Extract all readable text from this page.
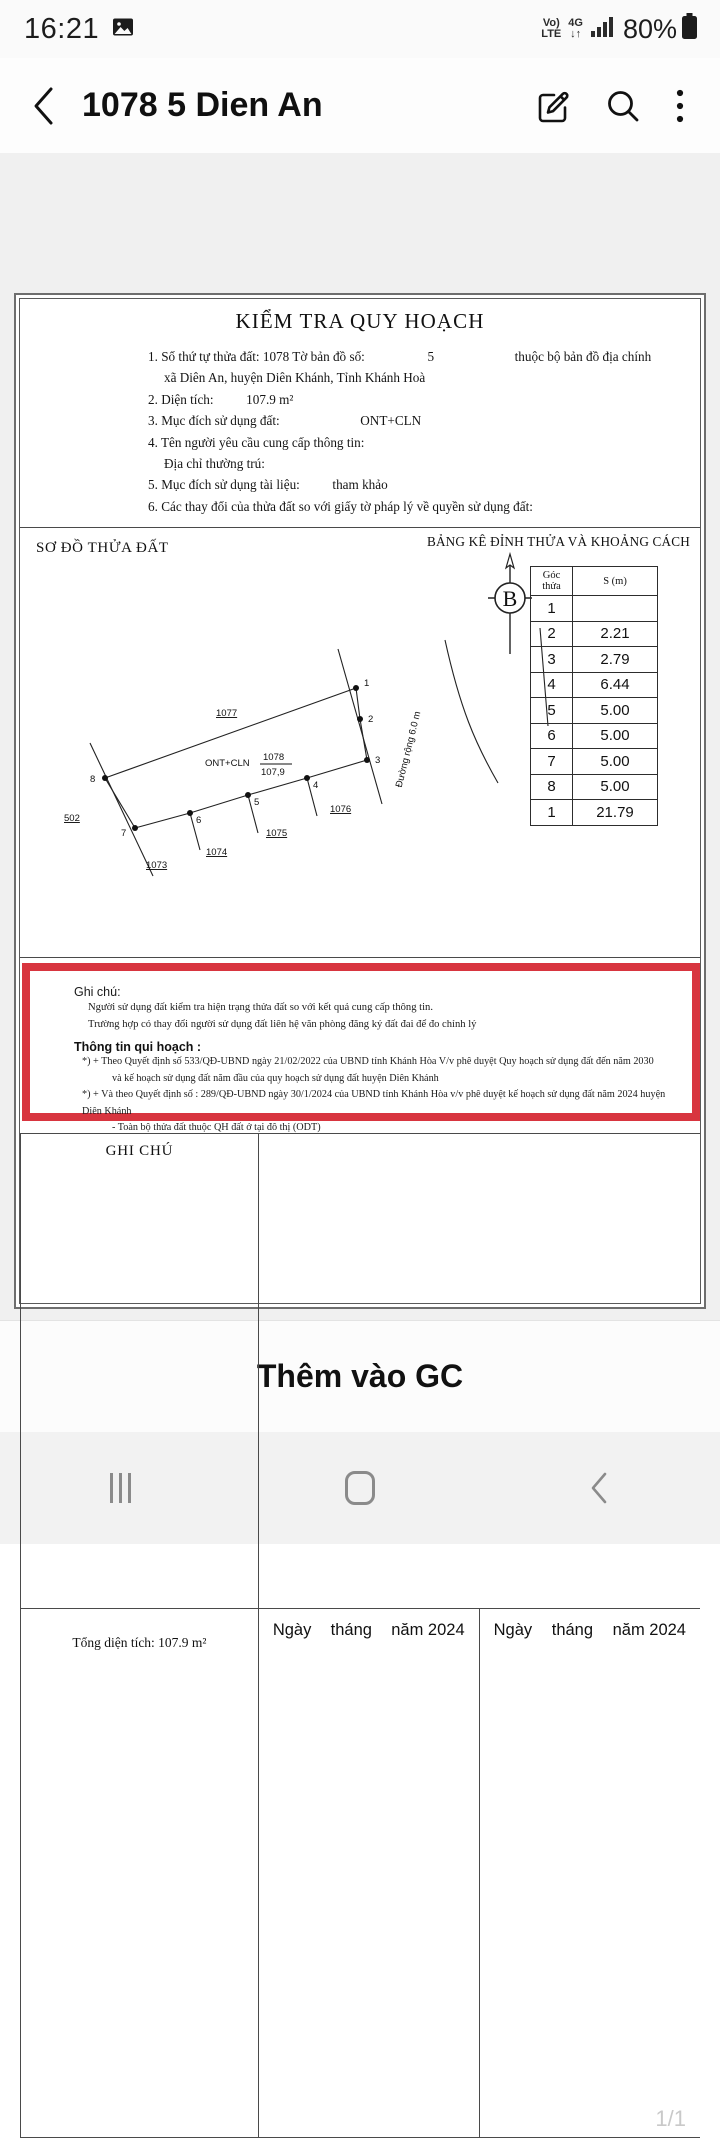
16:21	Vo)
LTE
4G
↓↑ 80%
1078 5 Dien An
KIỂM TRA QUY HOẠCH
1. Số thứ tự thửa đất: 1078 Tờ bản đồ số:	5	thuộc bộ bản đồ địa chính
xã Diên An, huyện Diên Khánh, Tỉnh Khánh Hoà
2. Diện tích: 107.9 m²
3. Mục đích sử dụng đất:	ONT+CLN
4. Tên người yêu cầu cung cấp thông tin:
Địa chỉ thường trú:
5. Mục đích sử dụng tài liệu: tham khảo
6. Các thay đổi của thửa đất so với giấy tờ pháp lý về quyền sử dụng đất:
SƠ ĐỒ THỬA ĐẤT	BẢNG KÊ ĐỈNH THỬA VÀ KHOẢNG CÁCH
B
1
2
3
4
5
6
7
8
1077
502
1073
1074
1075
1076
ONT+CLN
1078
107,9	Đường rộng 6.0 m
Góc thửa	S (m)
1	
2	2.21
3	2.79
4	6.44
5	5.00
6	5.00
7	5.00
8	5.00
1	21.79
Ghi chú:
Người sử dụng đất kiểm tra hiện trạng thửa đất so với kết quả cung cấp thông tin.
Trường hợp có thay đổi người sử dụng đất liên hệ văn phòng đăng ký đất đai để đo chỉnh lý
Thông tin qui hoạch :
*) + Theo Quyết định số 533/QĐ-UBND ngày 21/02/2022 của UBND tỉnh Khánh Hòa V/v phê duyệt Quy hoạch sử dụng đất đến năm 2030
và kế hoạch sử dụng đất năm đầu của quy hoạch sử dụng đất huyện Diên Khánh
*) + Và theo Quyết định số : 289/QĐ-UBND ngày 30/1/2024 của UBND tỉnh Khánh Hòa v/v phê duyệt kế hoạch sử dụng đất năm 2024 huyện Diên Khánh
- Toàn bộ thửa đất thuộc QH đất ở tại đô thị (ODT)
GHI CHÚ		

Tổng diện tích: 107.9 m²	Ngày tháng năm 2024	Ngày tháng năm 2024
1/1
Thêm vào GC
